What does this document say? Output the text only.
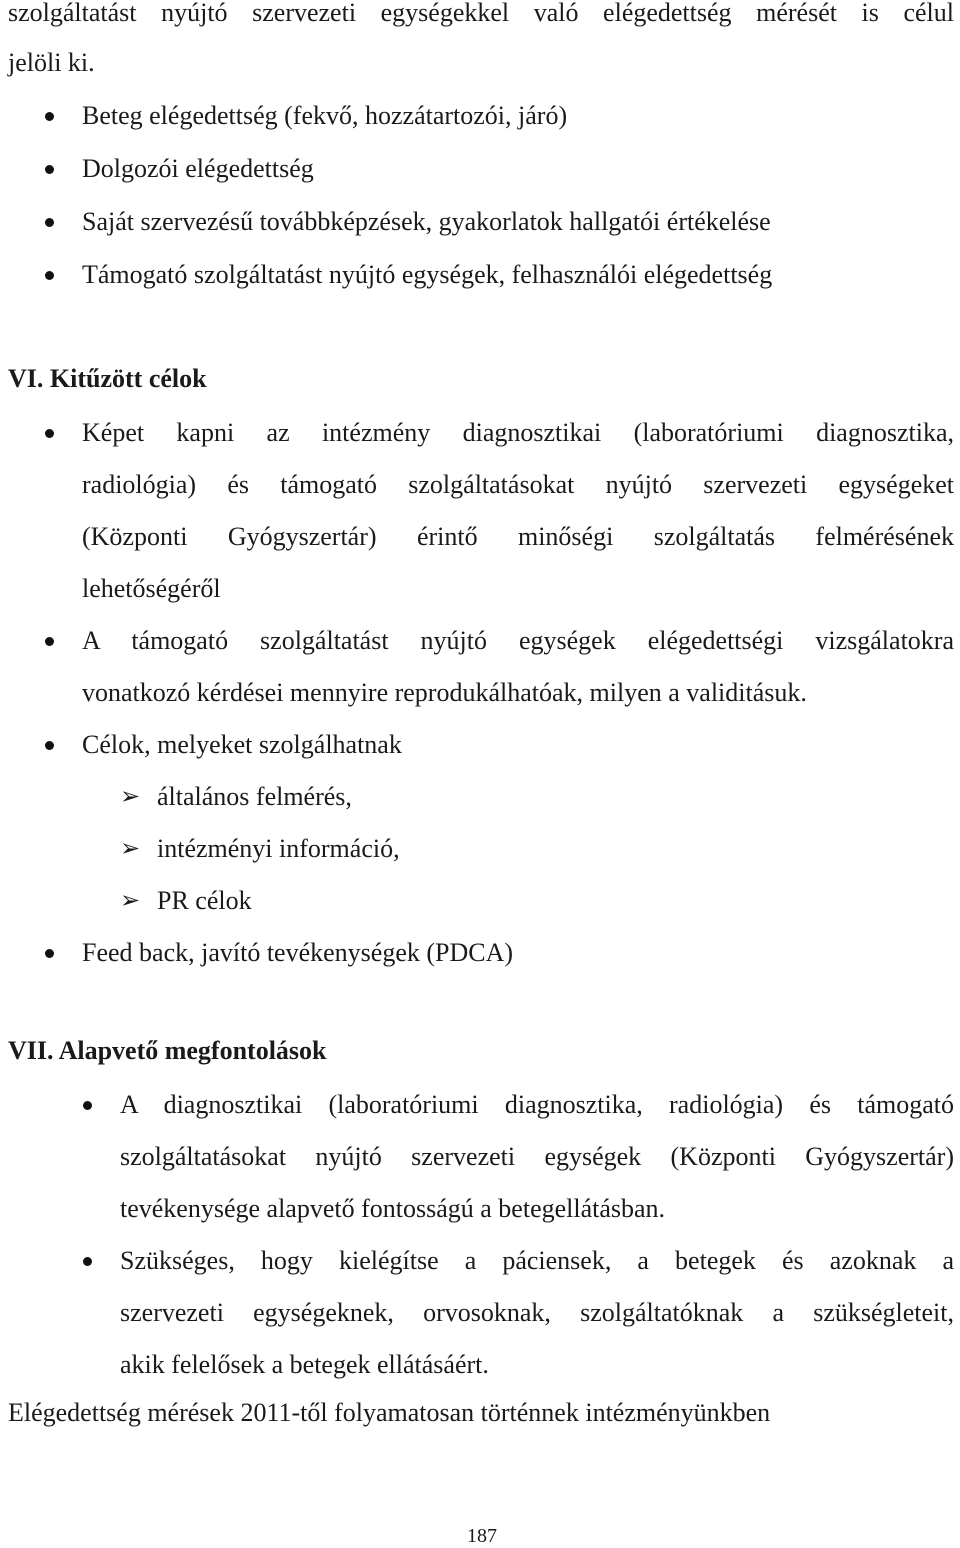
szolgáltatást nyújtó szervezeti egységekkel való elégedettség mérését is célul
jelöli ki.
Beteg elégedettség (fekvő, hozzátartozói, járó)
Dolgozói elégedettség
Saját szervezésű továbbképzések, gyakorlatok hallgatói értékelése
Támogató szolgáltatást nyújtó egységek, felhasználói elégedettség
VI. Kitűzött célok
Képet kapni az intézmény diagnosztikai (laboratóriumi diagnosztika,
radiológia) és támogató szolgáltatásokat nyújtó szervezeti egységeket
(Központi Gyógyszertár) érintő minőségi szolgáltatás felmérésének
lehetőségéről
A támogató szolgáltatást nyújtó egységek elégedettségi vizsgálatokra
vonatkozó kérdései mennyire reprodukálhatóak, milyen a validitásuk.
Célok, melyeket szolgálhatnak
➢ általános felmérés,
➢ intézményi információ,
➢ PR célok
Feed back, javító tevékenységek (PDCA)
VII. Alapvető megfontolások
A diagnosztikai (laboratóriumi diagnosztika, radiológia) és támogató
szolgáltatásokat nyújtó szervezeti egységek (Központi Gyógyszertár)
tevékenysége alapvető fontosságú a betegellátásban.
Szükséges, hogy kielégítse a páciensek, a betegek és azoknak a
szervezeti egységeknek, orvosoknak, szolgáltatóknak a szükségleteit,
akik felelősek a betegek ellátásáért.
Elégedettség mérések 2011-től folyamatosan történnek intézményünkben
187
